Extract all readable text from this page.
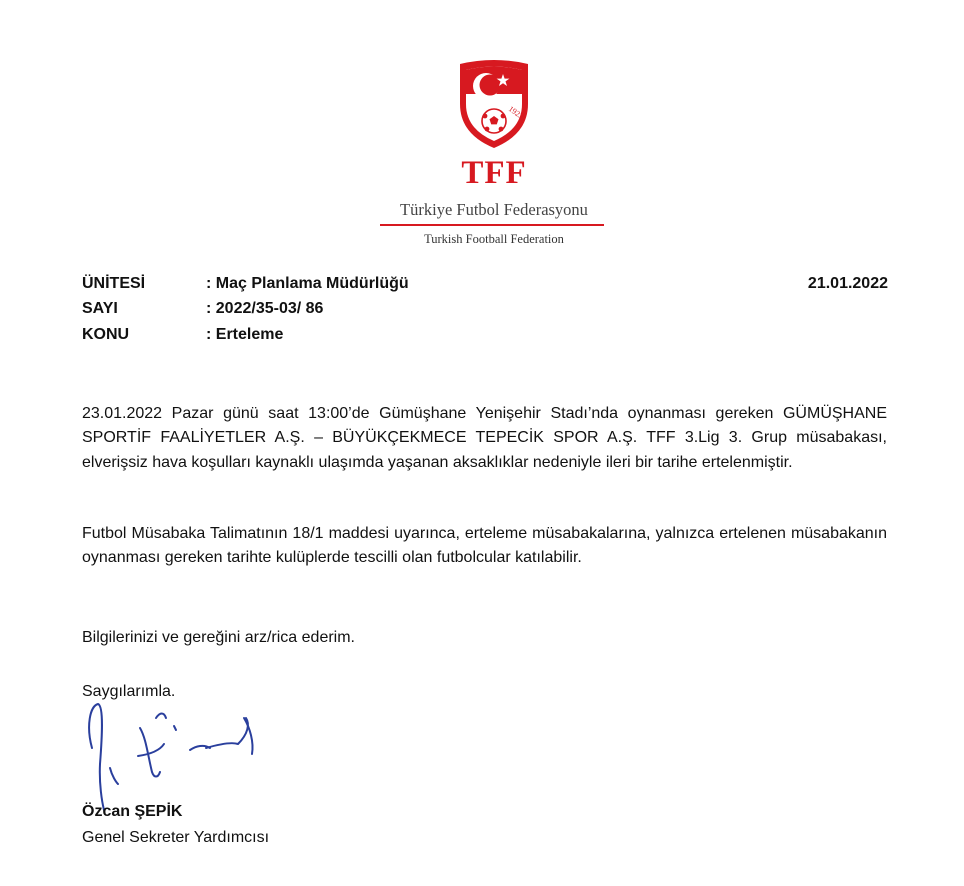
1923
TFF
Türkiye Futbol Federasyonu
Turkish Football Federation
ÜNİTESİ	: Maç Planlama Müdürlüğü
SAYI	: 2022/35-03/ 86
KONU	: Erteleme
21.01.2022
23.01.2022 Pazar günü saat 13:00’de Gümüşhane Yenişehir Stadı’nda oynanması gereken GÜMÜŞHANE SPORTİF FAALİYETLER A.Ş. – BÜYÜKÇEKMECE TEPECİK SPOR A.Ş. TFF 3.Lig 3. Grup müsabakası, elverişsiz hava koşulları kaynaklı ulaşımda yaşanan aksaklıklar nedeniyle ileri bir tarihe ertelenmiştir.
Futbol Müsabaka Talimatının 18/1 maddesi uyarınca, erteleme müsabakalarına, yalnızca ertelenen müsabakanın oynanması gereken tarihte kulüplerde tescilli olan futbolcular katılabilir.
Bilgilerinizi ve gereğini arz/rica ederim.
Saygılarımla.
Özcan ŞEPİK
Genel Sekreter Yardımcısı
